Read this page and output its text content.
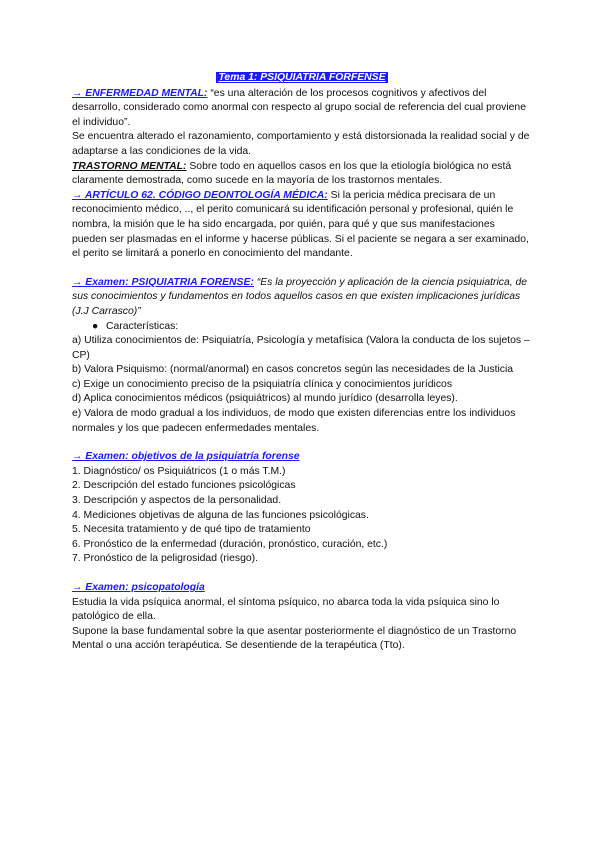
Tema 1: PSIQUIATRIA FORFENSE

→ ENFERMEDAD MENTAL: “es una alteración de los procesos cognitivos y afectivos del desarrollo, considerado como anormal con respecto al grupo social de referencia del cual proviene el individuo”.

Se encuentra alterado el razonamiento, comportamiento y está distorsionada la realidad social y de adaptarse a las condiciones de la vida.

TRASTORNO MENTAL: Sobre todo en aquellos casos en los que la etiología biológica no está claramente demostrada, como sucede en la mayoría de los trastornos mentales.

→ ARTÍCULO 62. CÓDIGO DEONTOLOGÍA MÉDICA: Si la pericia médica precisara de un reconocimiento médico, .., el perito comunicará su identificación personal y profesional, quién le nombra, la misión que le ha sido encargada, por quién, para qué y que sus manifestaciones pueden ser plasmadas en el informe y hacerse públicas. Si el paciente se negara a ser examinado, el perito se limitará a ponerlo en conocimiento del mandante.

→ Examen: PSIQUIATRIA FORENSE: “Es la proyección y aplicación de la ciencia psiquiatrica, de sus conocimientos y fundamentos en todos aquellos casos en que existen implicaciones jurídicas (J.J Carrasco)”

● Características:

a) Utiliza conocimientos de: Psiquiatría, Psicología y metafísica (Valora la conducta de los sujetos – CP)

b) Valora Psiquismo: (normal/anormal) en casos concretos según las necesidades de la Justicia

c) Exige un conocimiento preciso de la psiquiatría clínica y conocimientos jurídicos

d) Aplica conocimientos médicos (psiquiátricos) al mundo jurídico (desarrolla leyes).

e) Valora de modo gradual a los individuos, de modo que existen diferencias entre los individuos normales y los que padecen enfermedades mentales.

→ Examen: objetivos de la psiquiatría forense

1. Diagnóstico/ os Psiquiátricos (1 o más T.M.)

2. Descripción del estado funciones psicológicas

3. Descripción y aspectos de la personalidad.

4. Mediciones objetivas de alguna de las funciones psicológicas.

5. Necesita tratamiento y de qué tipo de tratamiento

6. Pronóstico de la enfermedad (duración, pronóstico, curación, etc.)

7. Pronóstico de la peligrosidad (riesgo).

→ Examen: psicopatología

Estudia la vida psíquica anormal, el síntoma psíquico, no abarca toda la vida psíquica sino lo patológico de ella.

Supone la base fundamental sobre la que asentar posteriormente el diagnóstico de un Trastorno Mental o una acción terapéutica. Se desentiende de la terapéutica (Tto).
